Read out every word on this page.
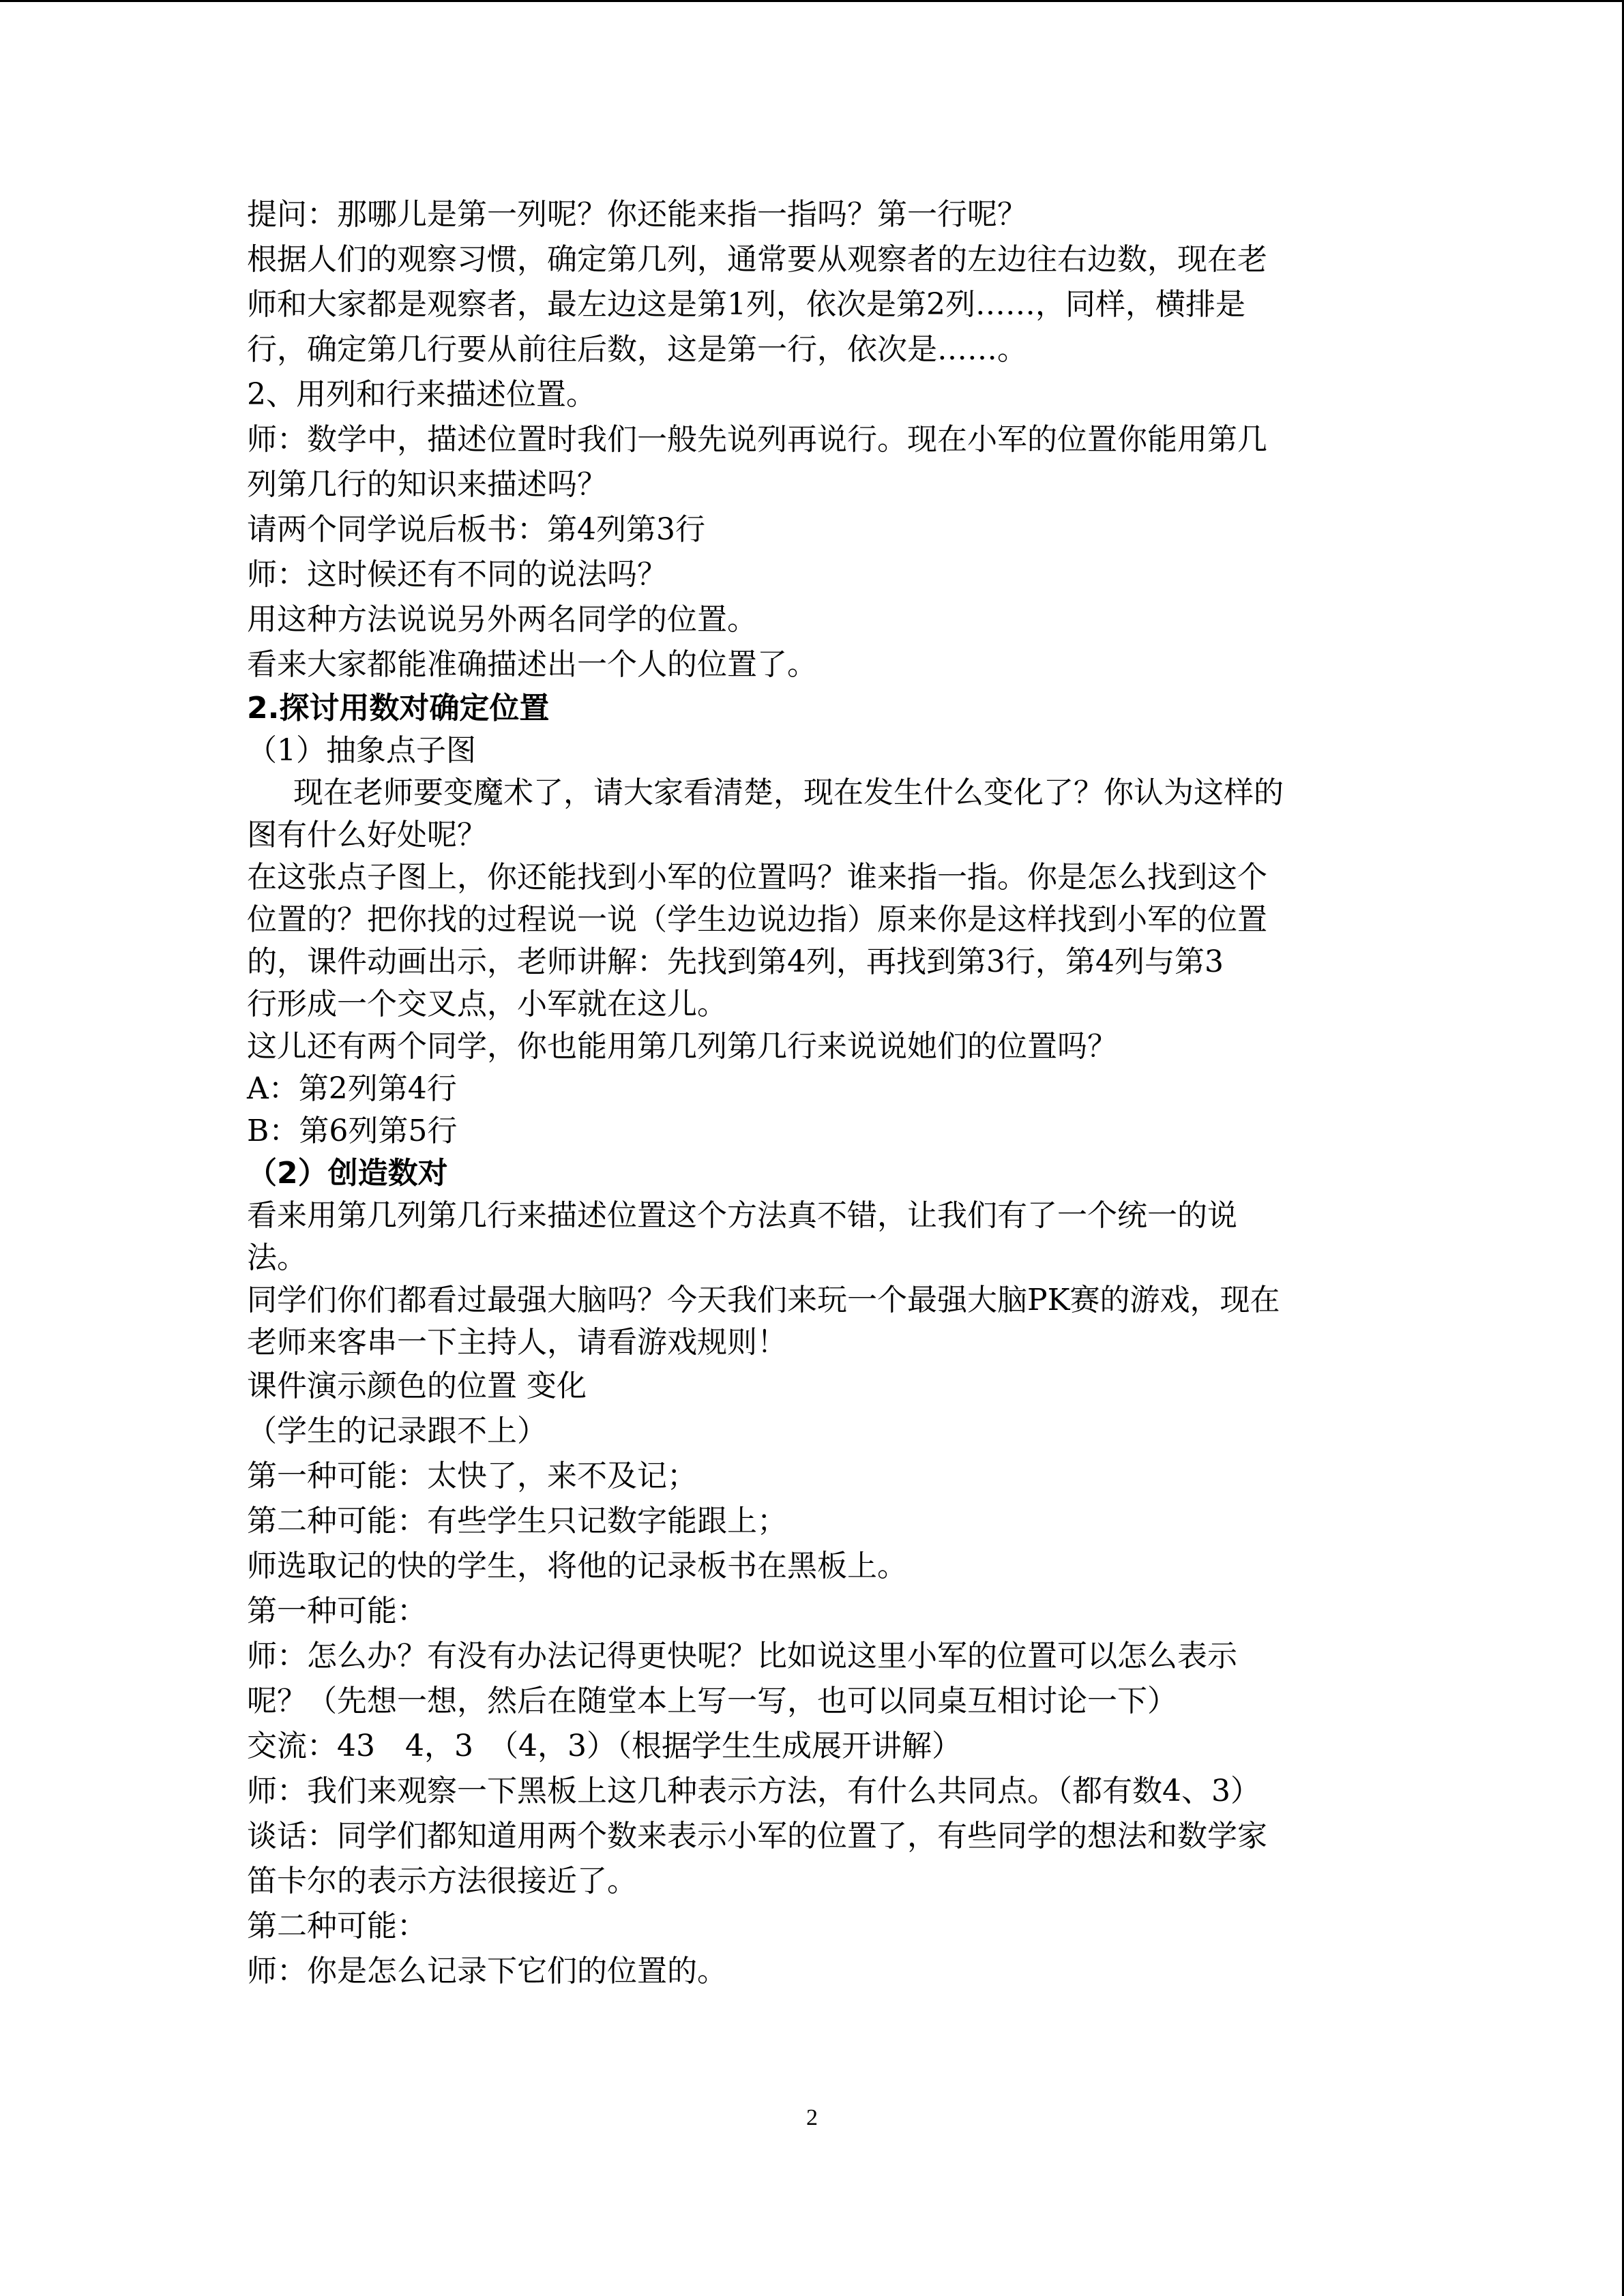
提问：那哪儿是第一列呢？你还能来指一指吗？第一行呢？

根据人们的观察习惯，确定第几列，通常要从观察者的左边往右边数，现在老

师和大家都是观察者，最左边这是第1列，依次是第2列……，同样，横排是

行，确定第几行要从前往后数，这是第一行，依次是……。

2、用列和行来描述位置。

师：数学中，描述位置时我们一般先说列再说行。现在小军的位置你能用第几

列第几行的知识来描述吗？

请两个同学说后板书：第4列第3行

师：这时候还有不同的说法吗？

用这种方法说说另外两名同学的位置。

看来大家都能准确描述出一个人的位置了。

2.探讨用数对确定位置

（1）抽象点子图

现在老师要变魔术了，请大家看清楚，现在发生什么变化了？你认为这样的

图有什么好处呢？

在这张点子图上，你还能找到小军的位置吗？谁来指一指。你是怎么找到这个

位置的？把你找的过程说一说（学生边说边指）原来你是这样找到小军的位置

的，课件动画出示，老师讲解：先找到第4列，再找到第3行，第4列与第3

行形成一个交叉点，小军就在这儿。

这儿还有两个同学，你也能用第几列第几行来说说她们的位置吗？

A：第2列第4行

B：第6列第5行

（2）创造数对

看来用第几列第几行来描述位置这个方法真不错，让我们有了一个统一的说

法。

同学们你们都看过最强大脑吗？今天我们来玩一个最强大脑PK赛的游戏，现在

老师来客串一下主持人，请看游戏规则！

课件演示颜色的位置 变化

（学生的记录跟不上）

第一种可能：太快了，来不及记；

第二种可能：有些学生只记数字能跟上；

师选取记的快的学生，将他的记录板书在黑板上。

第一种可能：

师：怎么办？有没有办法记得更快呢？比如说这里小军的位置可以怎么表示

呢？（先想一想，然后在随堂本上写一写，也可以同桌互相讨论一下）

交流：43　4，3　（4，3）（根据学生生成展开讲解）

师：我们来观察一下黑板上这几种表示方法，有什么共同点。（都有数4、3）

谈话：同学们都知道用两个数来表示小军的位置了，有些同学的想法和数学家

笛卡尔的表示方法很接近了。

第二种可能：

师：你是怎么记录下它们的位置的。

2
